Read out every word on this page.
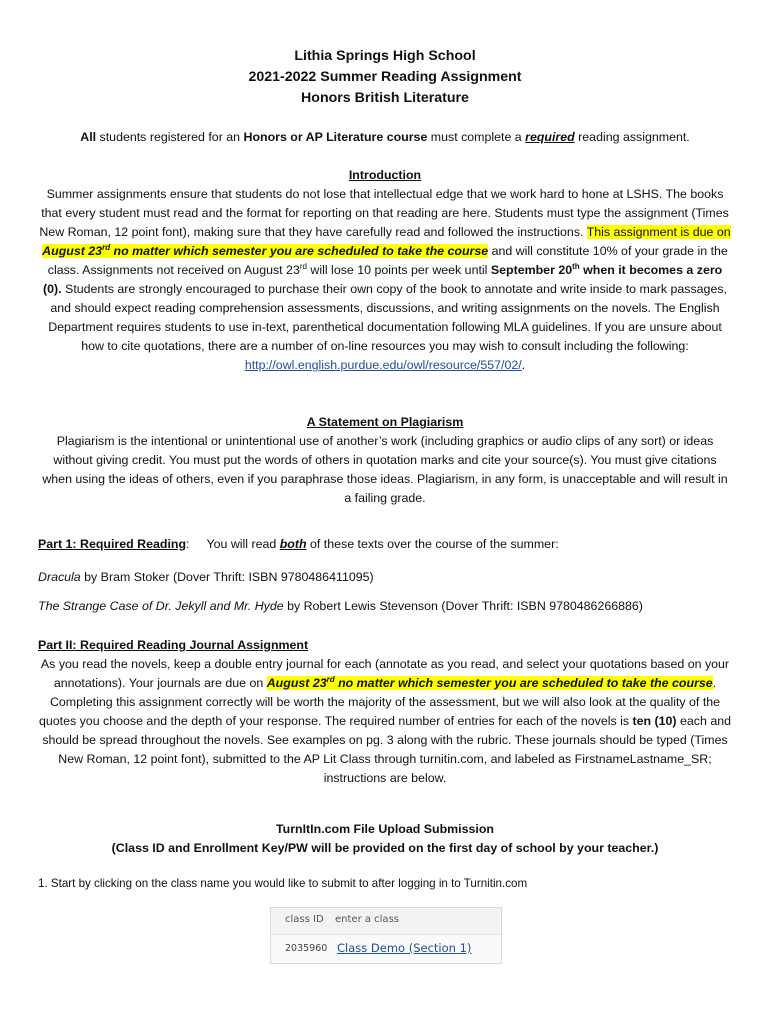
Lithia Springs High School
2021-2022 Summer Reading Assignment
Honors British Literature
All students registered for an Honors or AP Literature course must complete a required reading assignment.
Introduction
Summer assignments ensure that students do not lose that intellectual edge that we work hard to hone at LSHS. The books that every student must read and the format for reporting on that reading are here. Students must type the assignment (Times New Roman, 12 point font), making sure that they have carefully read and followed the instructions. This assignment is due on August 23rd no matter which semester you are scheduled to take the course and will constitute 10% of your grade in the class. Assignments not received on August 23rd will lose 10 points per week until September 20th when it becomes a zero (0). Students are strongly encouraged to purchase their own copy of the book to annotate and write inside to mark passages, and should expect reading comprehension assessments, discussions, and writing assignments on the novels. The English Department requires students to use in-text, parenthetical documentation following MLA guidelines. If you are unsure about how to cite quotations, there are a number of on-line resources you may wish to consult including the following: http://owl.english.purdue.edu/owl/resource/557/02/.
A Statement on Plagiarism
Plagiarism is the intentional or unintentional use of another’s work (including graphics or audio clips of any sort) or ideas without giving credit. You must put the words of others in quotation marks and cite your source(s). You must give citations when using the ideas of others, even if you paraphrase those ideas. Plagiarism, in any form, is unacceptable and will result in a failing grade.
Part 1: Required Reading: You will read both of these texts over the course of the summer:
Dracula by Bram Stoker (Dover Thrift: ISBN 9780486411095)
The Strange Case of Dr. Jekyll and Mr. Hyde by Robert Lewis Stevenson (Dover Thrift: ISBN 9780486266886)
Part II: Required Reading Journal Assignment
As you read the novels, keep a double entry journal for each (annotate as you read, and select your quotations based on your annotations). Your journals are due on August 23rd no matter which semester you are scheduled to take the course. Completing this assignment correctly will be worth the majority of the assessment, but we will also look at the quality of the quotes you choose and the depth of your response. The required number of entries for each of the novels is ten (10) each and should be spread throughout the novels. See examples on pg. 3 along with the rubric. These journals should be typed (Times New Roman, 12 point font), submitted to the AP Lit Class through turnitin.com, and labeled as FirstnameLastname_SR; instructions are below.
TurnItIn.com File Upload Submission
(Class ID and Enrollment Key/PW will be provided on the first day of school by your teacher.)
1. Start by clicking on the class name you would like to submit to after logging in to Turnitin.com
class ID enter a class
2035960 Class Demo (Section 1)
